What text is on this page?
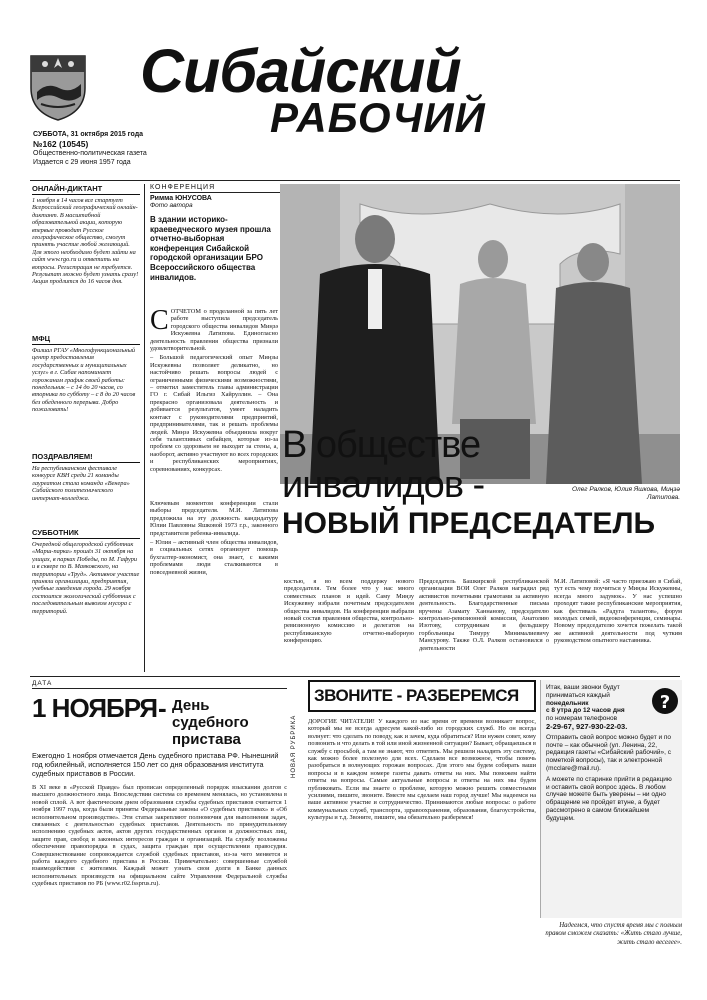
Сибайский
РАБОЧИЙ
СУББОТА, 31 октября 2015 года
№162 (10545)
Общественно-политическая газета
Издается с 29 июня 1957 года
ОНЛАЙН-ДИКТАНТ
1 ноября в 14 часов все стартует Всероссийский географический онлайн-диктант. В масштабной образовательной акции, которую впервые проводит Русское географическое общество, смогут принять участие любой желающий. Для этого необходимо будет зайти на сайт www.rgo.ru и ответить на вопросы. Регистрация не требуется. Результат можно будет узнать сразу! Акция продлится до 16 часов дня.
МФЦ
Филиал РГАУ «Многофункциональный центр предоставления государственных и муниципальных услуг» в г. Сибае напоминает горожанам график своей работы: понедельник – с 14 до 20 часов, со вторника по субботу – с 8 до 20 часов без обеденного перерыва. Добро пожаловать!
ПОЗДРАВЛЯЕМ!
На республиканском фестивале конкурсе КВН среди 21 команды лауреатом стала команда «Венера» Сибайского политехнического интернат-колледжа.
СУББОТНИК
Очередной общегородской субботник «Марш-парка» прошёл 31 октября на улицах, в парках Победы, по М. Гафури и в сквере по В. Маяковского, на территории «Труд». Активное участие приняли организации, предприятия, учебные заведения города. 29 ноября состоится экологический субботник с последовательным вывозом мусора с территорий.
КОНФЕРЕНЦИЯ
Римма ЮНУСОВА
Фото автора
В здании историко-краеведческого музея прошла отчетно-выборная конференция Сибайской городской организации БРО Всероссийского общества инвалидов.
С ОТЧЕТОМ о проделанной за пять лет работе выступила председатель городского общества инвалидов Миңзә Искужевна Латипова. Единогласно деятельность правления общества признали удовлетворительной.

– Большой педагогический опыт Миңзы Искужевны позволяет деликатно, но настойчиво решать вопросы людей с ограниченными физическими возможностями, – отметил заместитель главы администрации ГО г. Сибай Ильгиз Хайруллин. – Она прекрасно организовала деятельность и добивается результатов, умеет наладить контакт с руководителями предприятий, предпринимателями, так и решать проблемы людей. Миңзә Искужевна объединила вокруг себя талантливых сибайцев, которые из-за проблем со здоровьем не выходят за стены, а, наоборот, активно участвуют во всех городских и республиканских мероприятиях, соревнованиях, конкурсах.

В обществе
инвалидов -
НОВЫЙ ПРЕДСЕДАТЕЛЬ
Олег Ралков, Юлия Яшкова, Миңзә Латипова.

Ключевым моментом конференции стали выборы председателя. М.И. Латипова предложила на эту должность кандидатуру Юлии Павловны Яшковой 1973 г.р., законного представителя ребенка-инвалида.

– Юлия – активный член общества инвалидов, в социальных сетях организует помощь бухгалтер-экономист, она знает, с какими проблемами люди сталкиваются в повседневной жизни,

костью, я во всем поддержу нового председателя. Тем более что у нас много совместных планов и идей. Саму Миңзу Искужевну избрали почетным председателем общества инвалидов. На конференции выбрали новый состав правления общества, контрольно-ревизионную комиссию и делегатов на республиканскую отчетно-выборную конференцию.
Председатель Башкирской республиканской организации ВОИ Олег Ралков наградил ряд активистов почетными грамотами за активную деятельность. Благодарственные письма вручены Азамату Ханнанову, председателю контрольно-ревизионной комиссии, Анатолию Изотову, сотрудникам и фельдшеру горбольницы Тимуру Минималиевичу Мансурову. Также О.Л. Ралков остановился о деятельности
М.И. Латиповой: «Я часто приезжаю в Сибай, тут есть чему поучиться у Миңзы Искужевны, всегда много задумок». У нас успешно проходят такие республиканские мероприятия, как фестиваль «Радуга талантов», форум молодых семей, видеоконференции, семинары. Новому председателю хочется пожелать такой же активной деятельности под чутким руководством опытного наставника.
ДАТА
1 НОЯБРЯ - День судебного пристава
Ежегодно 1 ноября отмечается День судебного пристава РФ. Нынешний год юбилейный, исполняется 150 лет со дня образования института судебных приставов в России.
В XI веке в «Русской Правде» был прописан определенный порядок взыскания долгов с высшего должностного лица. Впоследствии система со временем менялась, но установлена в новой сплой. А вот фактическим днем образования службы судебных приставов считается 1 ноября 1997 года, когда были приняты Федеральные законы «О судебных приставах» и «Об исполнительном производстве». Эти статьи закрепляют полномочия для выполнения задач, связанных с деятельностью судебных приставов. Деятельность по принудительному исполнению судебных актов, актов других государственных органов и должностных лиц, защите прав, свобод и законных интересов граждан и организаций. На службу возложены обеспечение правопорядка в судах, защита граждан при осуществлении правосудия. Совершенствование сопровождается службой судебных приставов, из-за чего меняется и работа каждого судебного пристава в России. Примечательно: совершенные службой взаимодействия с жителями. Каждый может узнать свои долги в Банке данных исполнительных производств на официальном сайте Управления Федеральной службы судебных приставов по РБ (www.r02.fssprus.ru).
НОВАЯ РУБРИКА
ЗВОНИТЕ - РАЗБЕРЕМСЯ
ДОРОГИЕ ЧИТАТЕЛИ! У каждого из нас время от времени возникает вопрос, который мы не всегда адресуем какой-либо из городских служб. Но он всегда волнует: что сделать по поводу, как и зачем, куда обратиться? Или нужен совет, кому позвонить и что делать в той или иной жизненной ситуации? Бывает, обращаешься в службу с просьбой, а там не знают, что ответить. Мы решили наладить эту систему, как можно более полезную для всех. Сделаем все возможное, чтобы помочь разобраться в волнующих горожан вопросах. Для этого мы будем собирать ваши вопросы и в каждом номере газеты давать ответы на них. Мы поможем найти ответы на вопросы. Самые актуальные вопросы и ответы на них мы будем публиковать. Если вы знаете о проблеме, которую можно решить совместными усилиями, пишите, звоните. Вместе мы сделаем наш город лучше! Мы надеемся на ваше активное участие и сотрудничество. Принимаются любые вопросы: о работе коммунальных служб, транспорта, здравоохранения, образования, благоустройства, культуры и т.д. Звоните, пишите, мы обязательно разберемся!
?
Итак, ваши звонки будут приниматься каждый
понедельник
с 8 утра до 12 часов дня
по номерам телефонов
2-29-67, 927-930-22-03.
Отправить свой вопрос можно будет и по почте – как обычной (ул. Ленина, 22, редакция газеты «Сибайский рабочий», с пометкой вопросы), так и электронной (mcclare@mail.ru).
А можете по старинке прийти в редакцию и оставить свой вопрос здесь. В любом случае можете быть уверены – ни одно обращение не пройдет втуне, а будет рассмотрено в самом ближайшем будущем.
Надеемся, что спустя время мы с полным правом сможем сказать: «Жить стало лучше, жить стало веселее».
